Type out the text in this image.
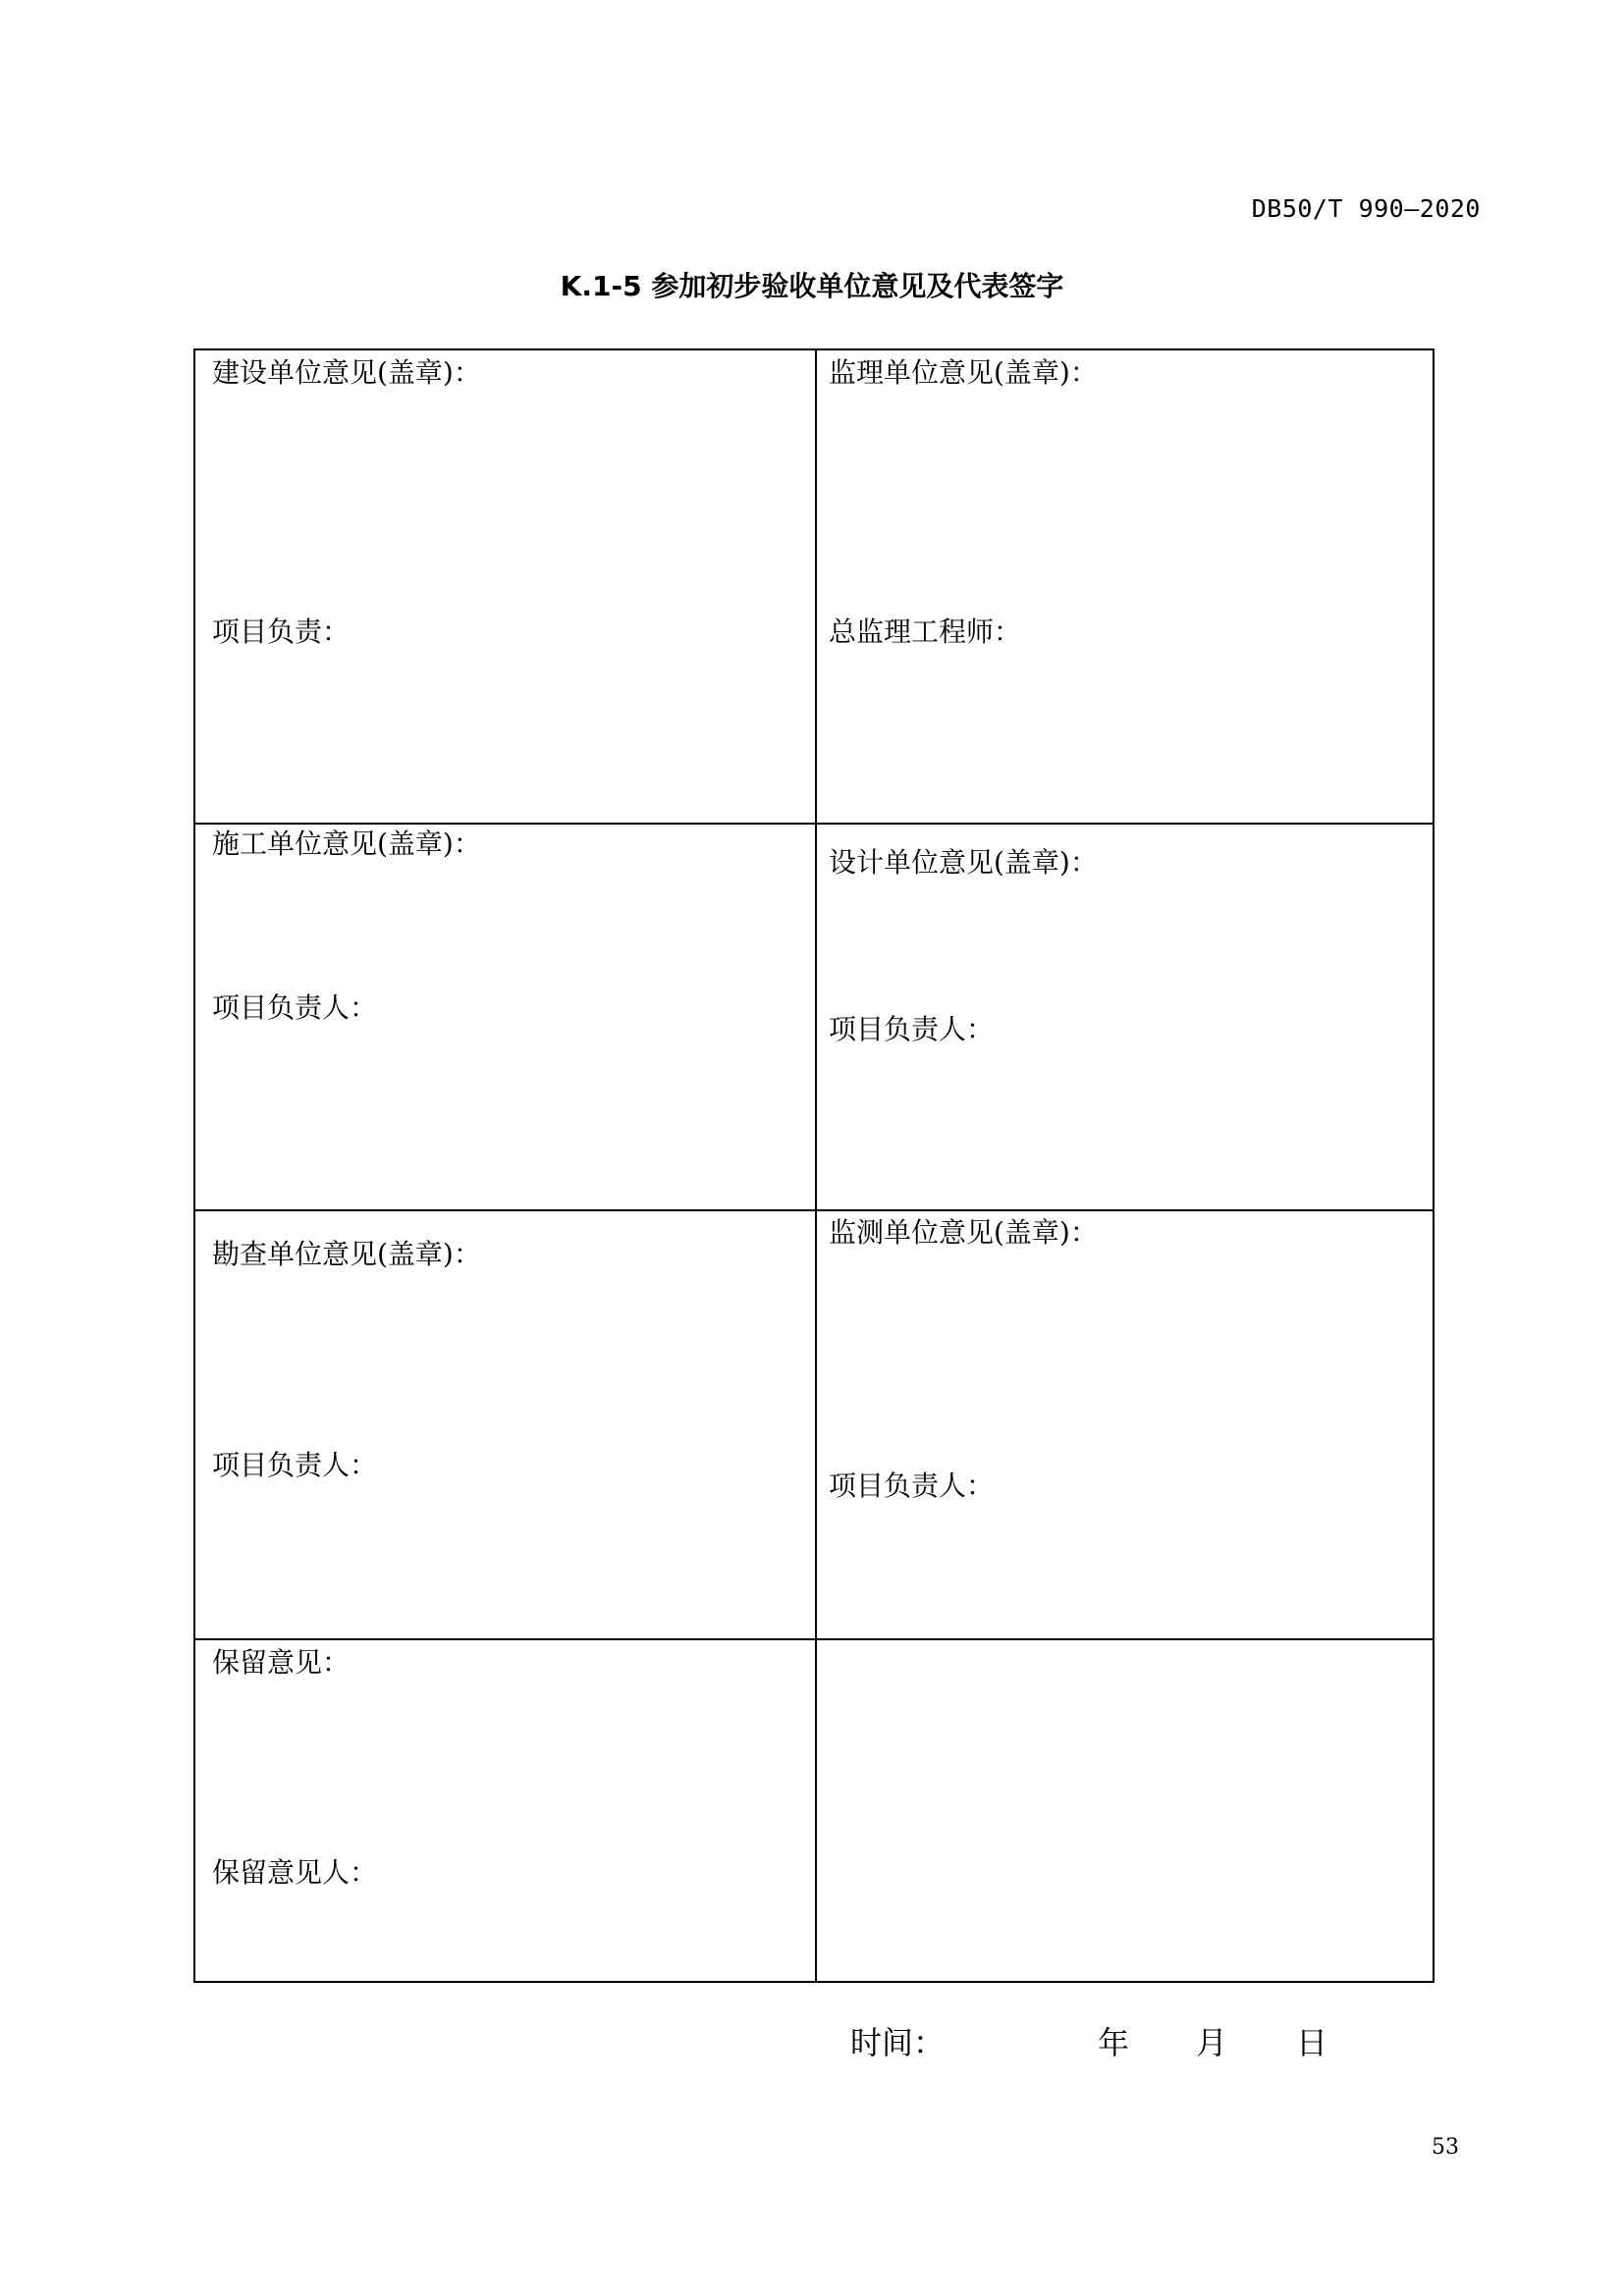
DB50/T 990—2020
K.1-5 参加初步验收单位意见及代表签字
建设单位意见(盖章)：
项目负责：
监理单位意见(盖章)：
总监理工程师：
施工单位意见(盖章)：
项目负责人：
设计单位意见(盖章)：
项目负责人：
勘查单位意见(盖章)：
项目负责人：
监测单位意见(盖章)：
项目负责人：
保留意见：
保留意见人：
时间：	年 月 日
53
